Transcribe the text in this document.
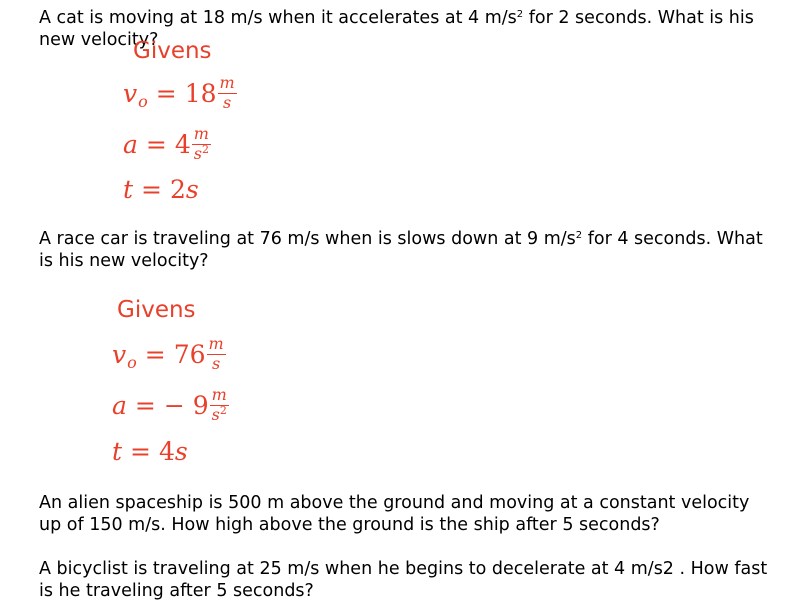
A cat is moving at 18 m/s when it accelerates at 4 $m/s^2$ for 2 seconds. What is his new velocity?

Givens
v $o = 18 \frac{m}{s}$
$a = 4 \frac{m}{s^2}$
t = 2 s

A race car is traveling at 76 m/s when is slows down at 9 $m/s^2$ for 4 seconds. What is his new velocity?

Givens
v $o = 76 \frac{m}{s}$
a = − $9 \frac{m}{s^2}$
t = 4 s

An alien spaceship is 500 m above the ground and moving at a constant velocity up of 150 m/s. How high above the ground is the ship after 5 seconds?

A bicyclist is traveling at 25 m/s when he begins to decelerate at 4 m/s2 . How fast is he traveling after 5 seconds?
